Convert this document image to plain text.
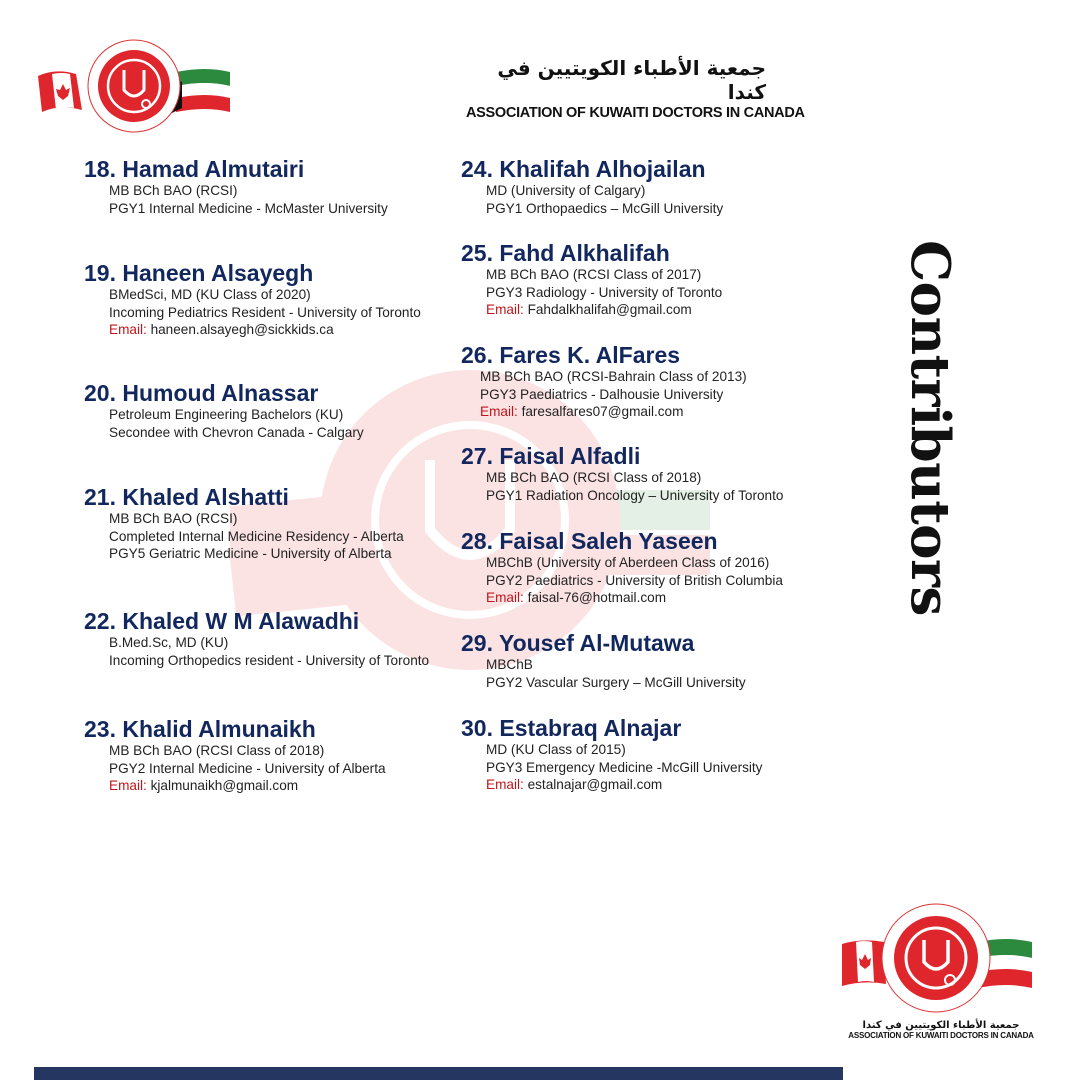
جمعية الأطباء الكويتيين في كندا
ASSOCIATION OF KUWAITI DOCTORS IN CANADA
18. Hamad Almutairi
MB BCh BAO (RCSI)
PGY1 Internal Medicine - McMaster University
19. Haneen Alsayegh
BMedSci, MD (KU Class of 2020)
Incoming Pediatrics Resident - University of Toronto
Email: haneen.alsayegh@sickkids.ca
20. Humoud Alnassar
Petroleum Engineering Bachelors (KU)
Secondee with Chevron Canada - Calgary
21. Khaled Alshatti
MB BCh BAO (RCSI)
Completed Internal Medicine Residency - Alberta
PGY5 Geriatric Medicine - University of Alberta
22. Khaled W M Alawadhi
B.Med.Sc, MD (KU)
Incoming Orthopedics resident - University of Toronto
23. Khalid Almunaikh
MB BCh BAO (RCSI Class of 2018)
PGY2 Internal Medicine - University of Alberta
Email: kjalmunaikh@gmail.com
24. Khalifah Alhojailan
MD (University of Calgary)
PGY1 Orthopaedics – McGill University
25. Fahd Alkhalifah
MB BCh BAO (RCSI Class of 2017)
PGY3 Radiology - University of Toronto
Email: Fahdalkhalifah@gmail.com
26. Fares K. AlFares
MB BCh BAO (RCSI-Bahrain Class of 2013)
PGY3 Paediatrics - Dalhousie University
Email: faresalfares07@gmail.com
27. Faisal Alfadli
MB BCh BAO (RCSI Class of 2018)
PGY1 Radiation Oncology – University of Toronto
28. Faisal Saleh Yaseen
MBChB (University of Aberdeen Class of 2016)
PGY2 Paediatrics - University of British Columbia
Email: faisal-76@hotmail.com
29. Yousef Al-Mutawa
MBChB
PGY2 Vascular Surgery – McGill University
30. Estabraq Alnajar
MD (KU Class of 2015)
PGY3 Emergency Medicine -McGill University
Email: estalnajar@gmail.com
Contributors
جمعية الأطباء الكويتيين في كندا
ASSOCIATION OF KUWAITI DOCTORS IN CANADA
